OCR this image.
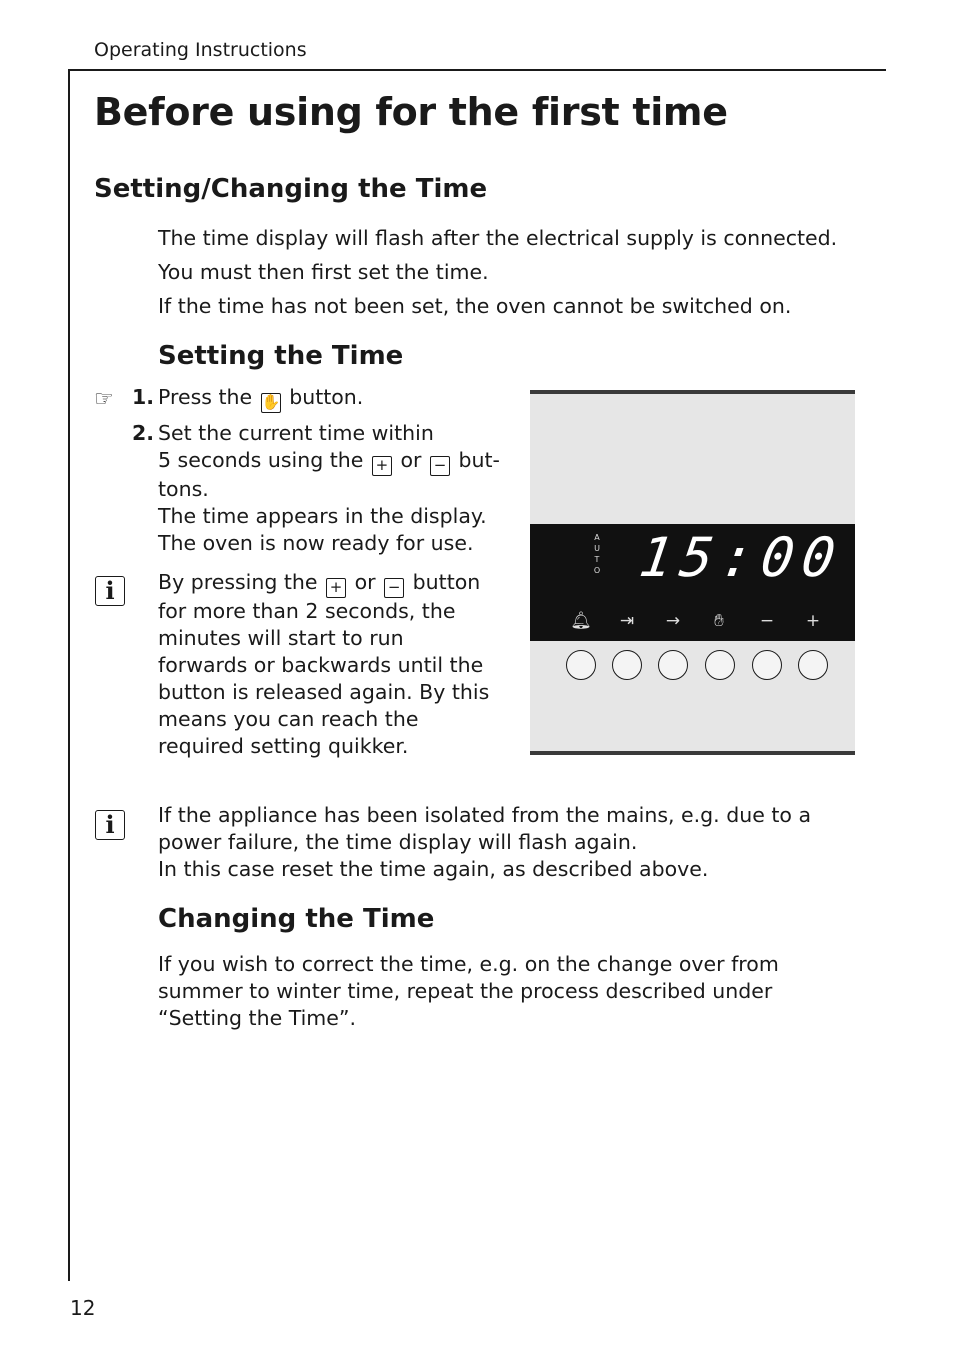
Operating Instructions
Before using for the first time
Setting/Changing the Time

The time display will flash after the electrical supply is connected.

You must then first set the time.

If the time has not been set, the oven cannot be switched on.

Setting the Time
☞ 1. Press the ✋ button.
2. Set the current time within
5 seconds using the + or − but-
tons.
The time appears in the display.
The oven is now ready for use.
i	By pressing the + or − button for more than 2 seconds, the minutes will start to run forwards or backwards until the button is released again. By this means you can reach the required setting quikker.
A
U
T
O 15:00
🔔︎	⇥	→	✋︎	−	+
i	If the appliance has been isolated from the mains, e.g. due to a power failure, the time display will flash again.

In this case reset the time again, as described above.

Changing the Time

If you wish to correct the time, e.g. on the change over from summer to winter time, repeat the process described under “Setting the Time”.

12
